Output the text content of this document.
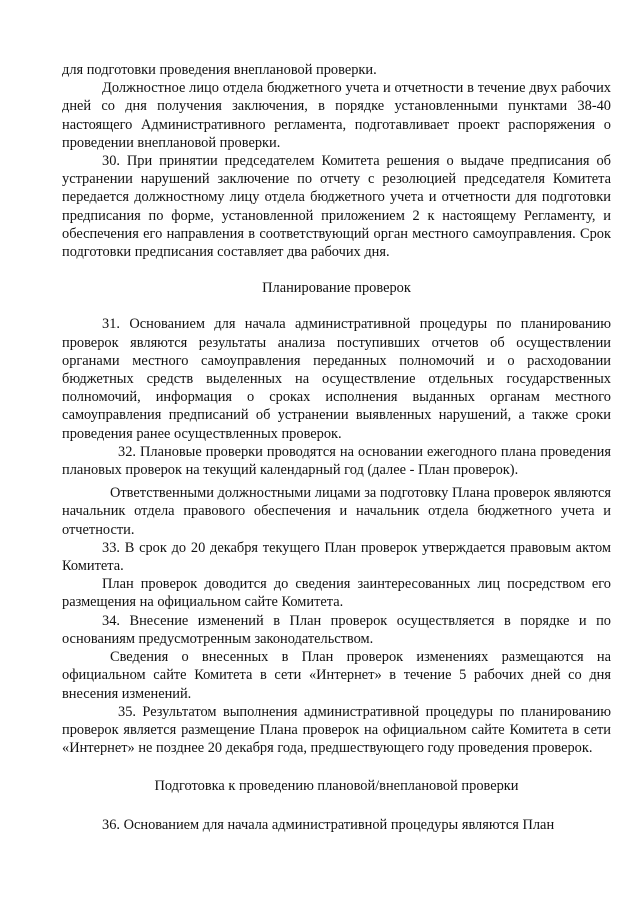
для подготовки проведения внеплановой проверки.

Должностное лицо отдела бюджетного учета и отчетности в течение двух рабочих дней со дня получения заключения, в порядке установленными пунктами 38-40 настоящего Административного регламента, подготавливает проект распоряжения о проведении внеплановой проверки.

30. При принятии председателем Комитета решения о выдаче предписания об устранении нарушений заключение по отчету с резолюцией председателя Комитета передается должностному лицу отдела бюджетного учета и отчетности для подготовки предписания по форме, установленной приложением 2 к настоящему Регламенту, и обеспечения его направления в соответствующий орган местного самоуправления. Срок подготовки предписания составляет два рабочих дня.

Планирование проверок

31. Основанием для начала административной процедуры по планированию проверок являются результаты анализа поступивших отчетов об осуществлении органами местного самоуправления переданных полномочий и о расходовании бюджетных средств выделенных на осуществление отдельных государственных полномочий, информация о сроках исполнения выданных органам местного самоуправления предписаний об устранении выявленных нарушений, а также сроки проведения ранее осуществленных проверок.

32. Плановые проверки проводятся на основании ежегодного плана проведения плановых проверок на текущий календарный год (далее - План проверок).

Ответственными должностными лицами за подготовку Плана проверок являются начальник отдела правового обеспечения и начальник отдела бюджетного учета и отчетности.

33. В срок до 20 декабря текущего План проверок утверждается правовым актом Комитета.

План проверок доводится до сведения заинтересованных лиц посредством его размещения на официальном сайте Комитета.

34. Внесение изменений в План проверок осуществляется в порядке и по основаниям предусмотренным законодательством.

Сведения о внесенных в План проверок изменениях размещаются на официальном сайте Комитета в сети «Интернет» в течение 5 рабочих дней со дня внесения изменений.

35. Результатом выполнения административной процедуры по планированию проверок является размещение Плана проверок на официальном сайте Комитета в сети «Интернет» не позднее 20 декабря года, предшествующего году проведения проверок.

Подготовка к проведению плановой/внеплановой проверки

36. Основанием для начала административной процедуры являются План
